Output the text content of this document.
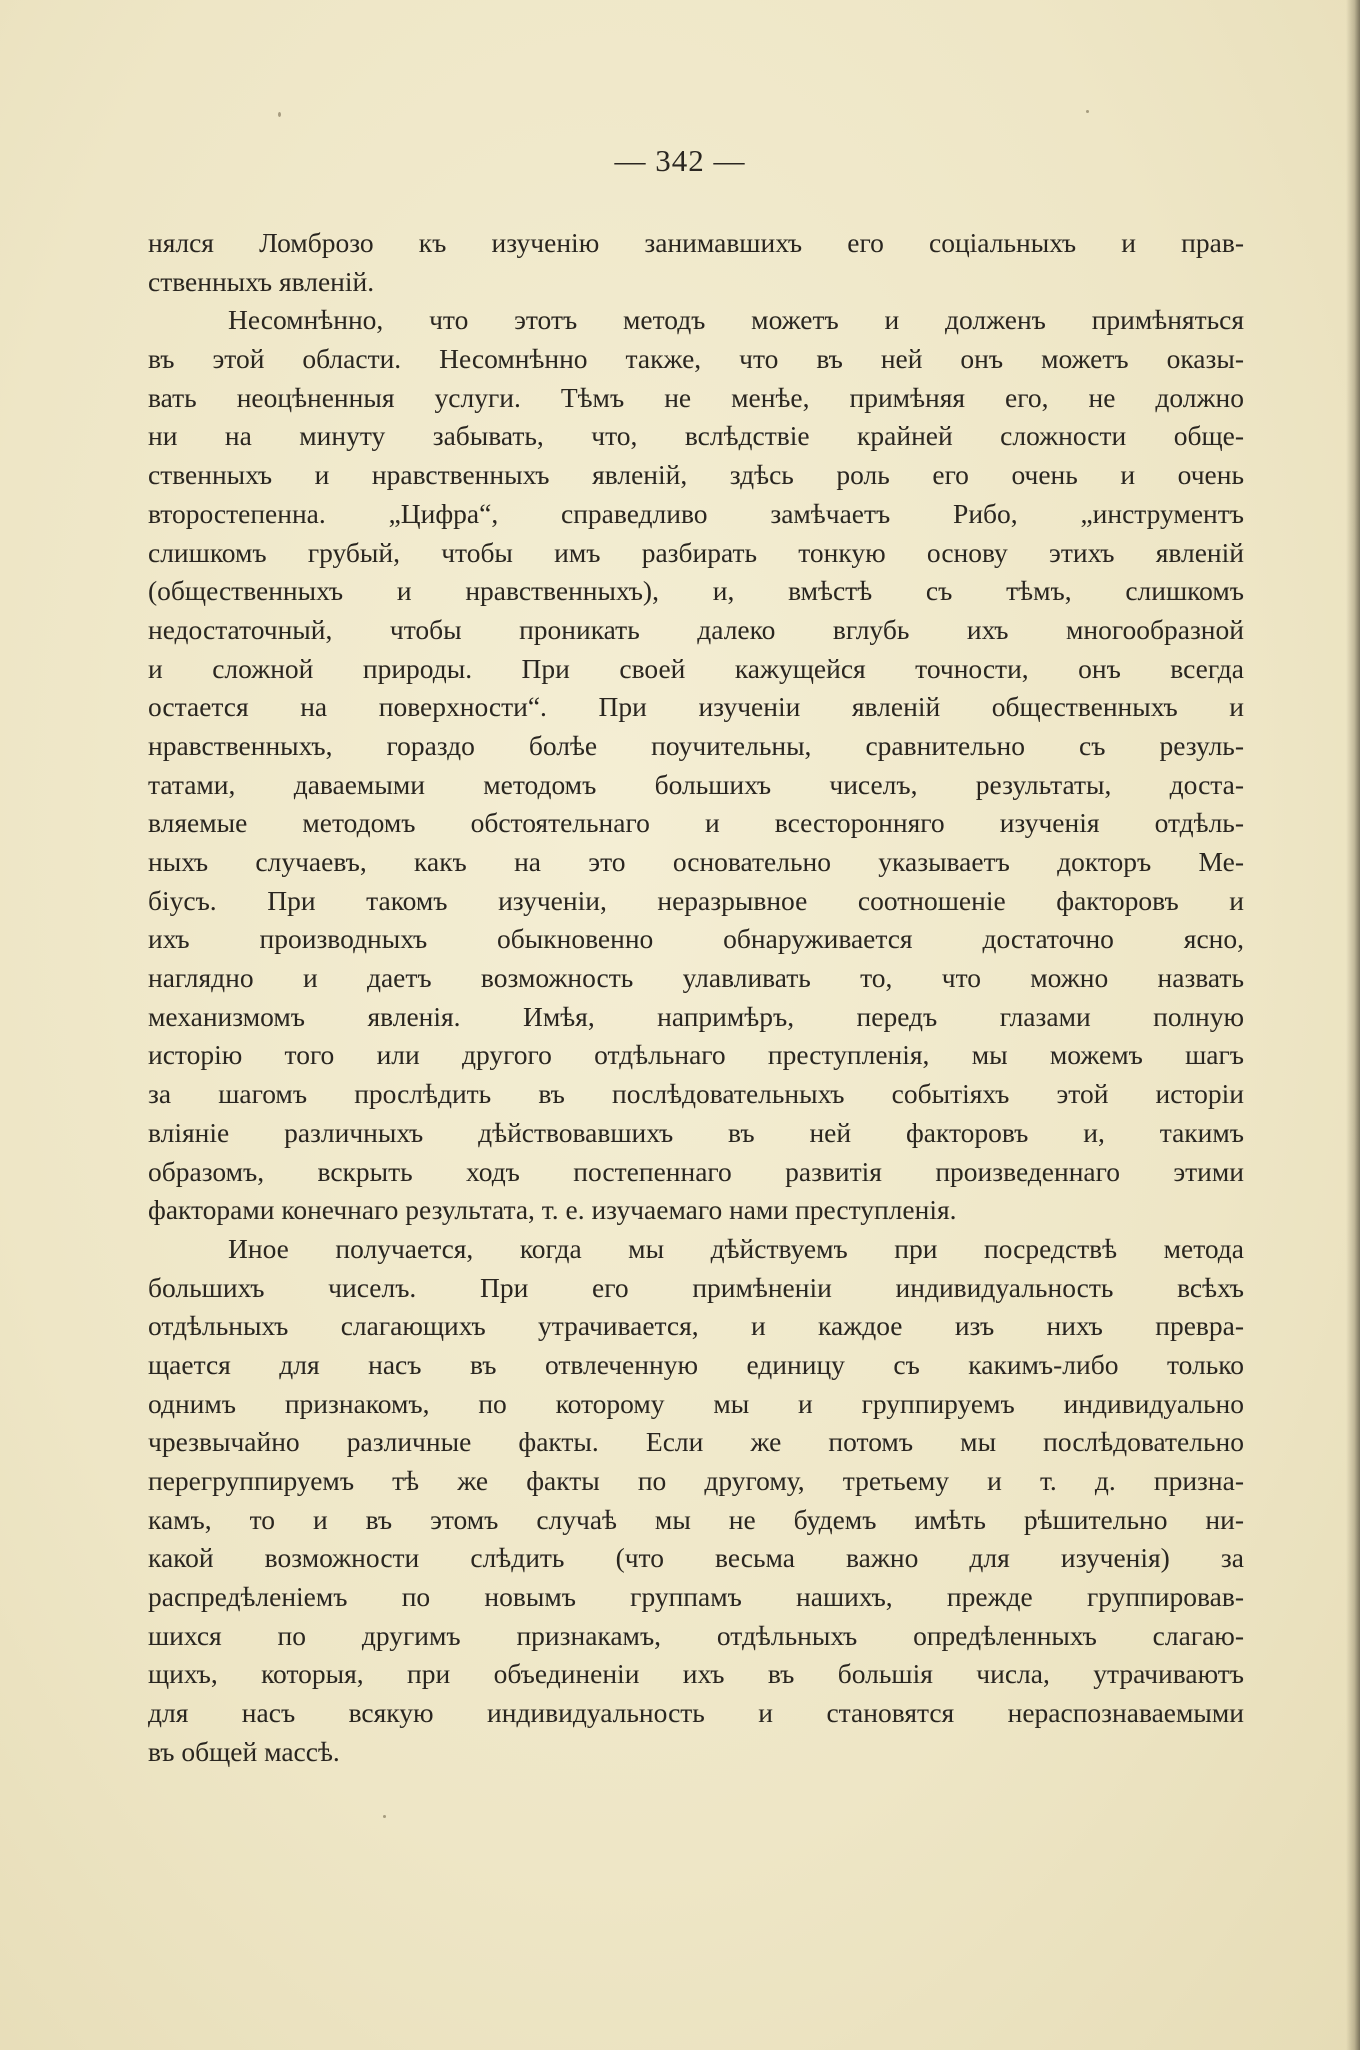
— 342 —
нялся Ломброзо къ изученію занимавшихъ его соціальныхъ и прав-
ственныхъ явленій.
Несомнѣнно, что этотъ методъ можетъ и долженъ примѣняться
въ этой области. Несомнѣнно также, что въ ней онъ можетъ оказы-
вать неоцѣненныя услуги. Тѣмъ не менѣе, примѣняя его, не должно
ни на минуту забывать, что, вслѣдствіе крайней сложности обще-
ственныхъ и нравственныхъ явленій, здѣсь роль его очень и очень
второстепенна. „Цифра“, справедливо замѣчаетъ Рибо, „инструментъ
слишкомъ грубый, чтобы имъ разбирать тонкую основу этихъ явленій
(общественныхъ и нравственныхъ), и, вмѣстѣ съ тѣмъ, слишкомъ
недостаточный, чтобы проникать далеко вглубь ихъ многообразной
и сложной природы. При своей кажущейся точности, онъ всегда
остается на поверхности“. При изученіи явленій общественныхъ и
нравственныхъ, гораздо болѣе поучительны, сравнительно съ резуль-
татами, даваемыми методомъ большихъ чиселъ, результаты, доста-
вляемые методомъ обстоятельнаго и всесторонняго изученія отдѣль-
ныхъ случаевъ, какъ на это основательно указываетъ докторъ Ме-
біусъ. При такомъ изученіи, неразрывное соотношеніе факторовъ и
ихъ производныхъ обыкновенно обнаруживается достаточно ясно,
наглядно и даетъ возможность улавливать то, что можно назвать
механизмомъ явленія. Имѣя, напримѣръ, передъ глазами полную
исторію того или другого отдѣльнаго преступленія, мы можемъ шагъ
за шагомъ прослѣдить въ послѣдовательныхъ событіяхъ этой исторіи
вліяніе различныхъ дѣйствовавшихъ въ ней факторовъ и, такимъ
образомъ, вскрыть ходъ постепеннаго развитія произведеннаго этими
факторами конечнаго результата, т. е. изучаемаго нами преступленія.
Иное получается, когда мы дѣйствуемъ при посредствѣ метода
большихъ чиселъ. При его примѣненіи индивидуальность всѣхъ
отдѣльныхъ слагающихъ утрачивается, и каждое изъ нихъ превра-
щается для насъ въ отвлеченную единицу съ какимъ-либо только
однимъ признакомъ, по которому мы и группируемъ индивидуально
чрезвычайно различные факты. Если же потомъ мы послѣдовательно
перегруппируемъ тѣ же факты по другому, третьему и т. д. призна-
камъ, то и въ этомъ случаѣ мы не будемъ имѣть рѣшительно ни-
какой возможности слѣдить (что весьма важно для изученія) за
распредѣленіемъ по новымъ группамъ нашихъ, прежде группировав-
шихся по другимъ признакамъ, отдѣльныхъ опредѣленныхъ слагаю-
щихъ, которыя, при объединеніи ихъ въ большія числа, утрачиваютъ
для насъ всякую индивидуальность и становятся нераспознаваемыми
въ общей массѣ.
